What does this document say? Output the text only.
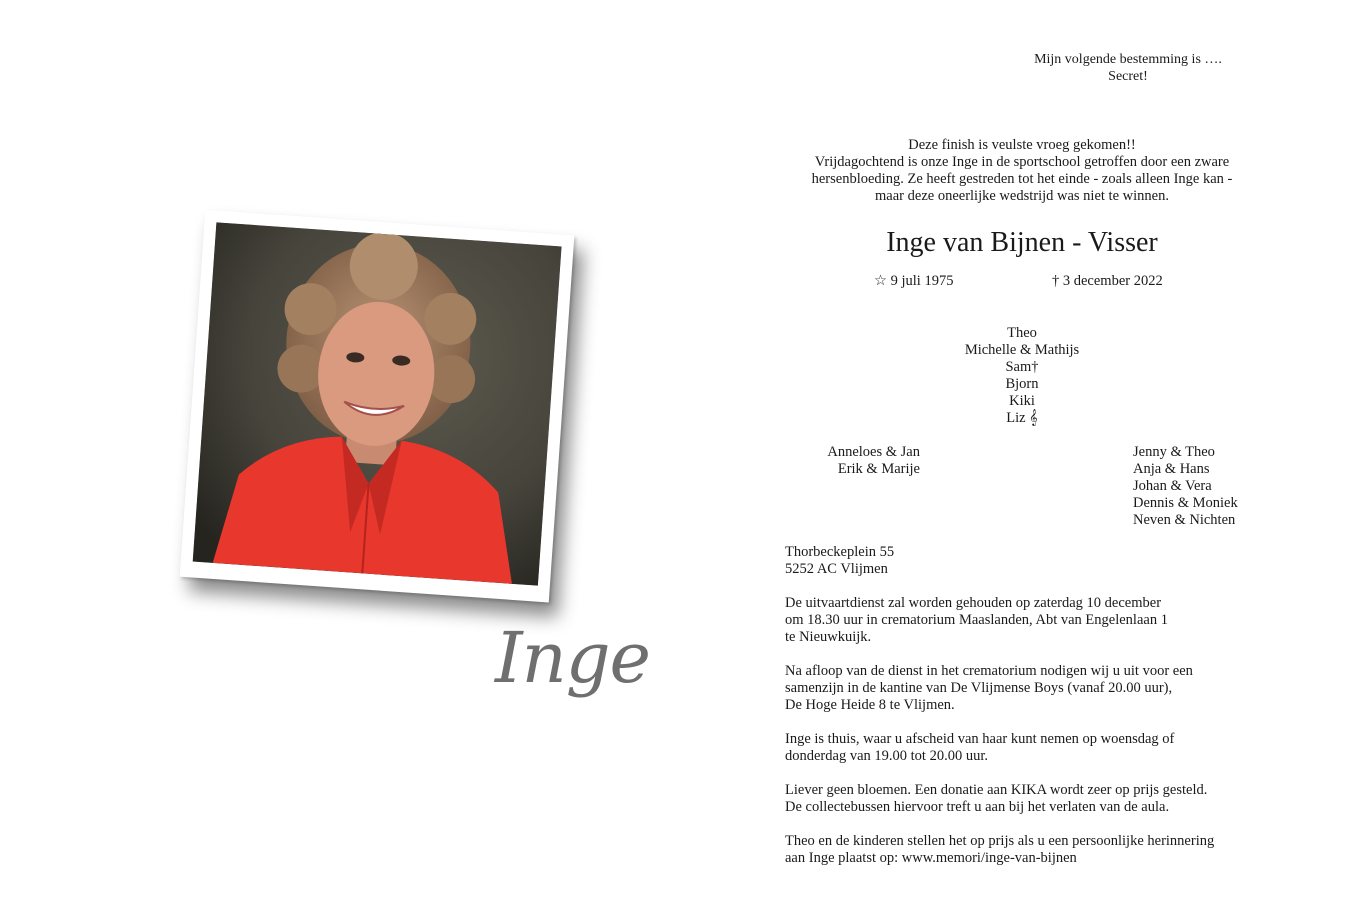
Inge
Mijn volgende bestemming is ….
Secret!
Deze finish is veulste vroeg gekomen!!
Vrijdagochtend is onze Inge in de sportschool getroffen door een zware
hersenbloeding. Ze heeft gestreden tot het einde - zoals alleen Inge kan -
maar deze oneerlijke wedstrijd was niet te winnen.
Inge van Bijnen - Visser
☆ 9 juli 1975	† 3 december 2022
Theo
Michelle & Mathijs
Sam†
Bjorn
Kiki
Liz 𝄞
Anneloes & Jan
Erik & Marije
Jenny & Theo
Anja & Hans
Johan & Vera
Dennis & Moniek
Neven & Nichten
Thorbeckeplein 55
5252 AC Vlijmen
De uitvaartdienst zal worden gehouden op zaterdag 10 december
om 18.30 uur in crematorium Maaslanden, Abt van Engelenlaan 1
te Nieuwkuijk.
Na afloop van de dienst in het crematorium nodigen wij u uit voor een
samenzijn in de kantine van De Vlijmense Boys (vanaf 20.00 uur),
De Hoge Heide 8 te Vlijmen.
Inge is thuis, waar u afscheid van haar kunt nemen op woensdag of
donderdag van 19.00 tot 20.00 uur.
Liever geen bloemen. Een donatie aan KIKA wordt zeer op prijs gesteld.
De collectebussen hiervoor treft u aan bij het verlaten van de aula.
Theo en de kinderen stellen het op prijs als u een persoonlijke herinnering
aan Inge plaatst op: www.memori/inge-van-bijnen
